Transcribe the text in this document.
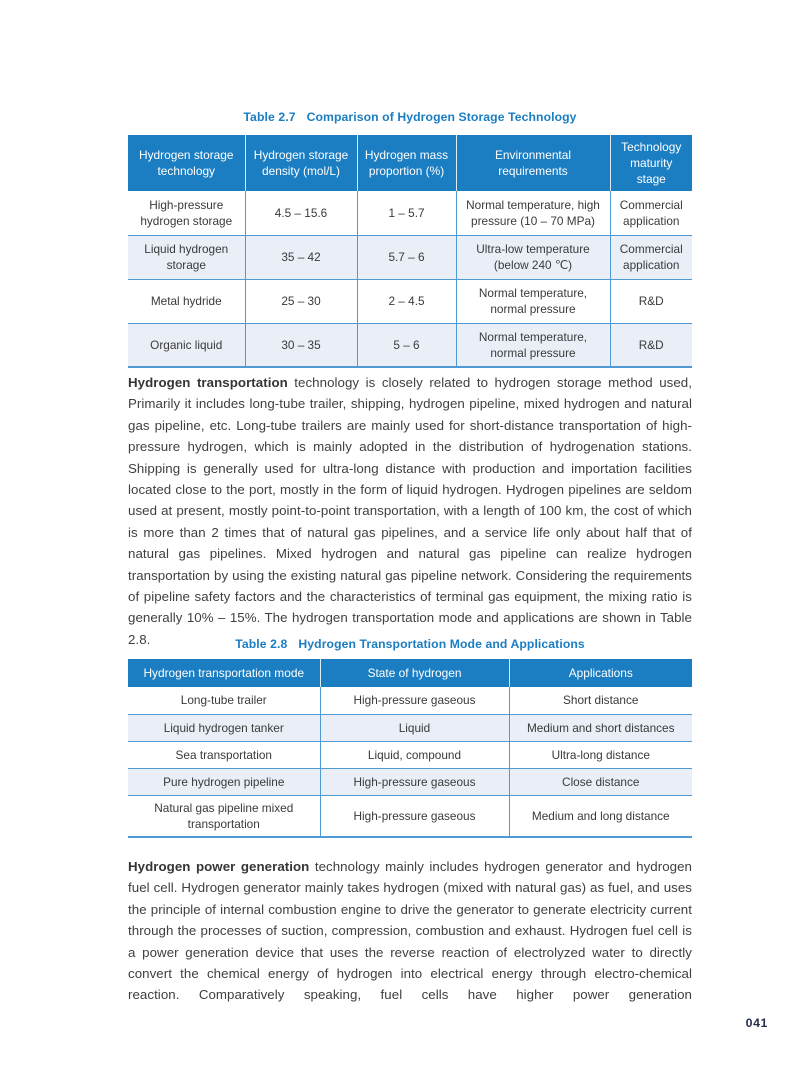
Table 2.7 Comparison of Hydrogen Storage Technology
Hydrogen storage technology	Hydrogen storage density (mol/L)	Hydrogen mass proportion (%)	Environmental requirements	Technology maturity stage
High-pressure hydrogen storage	4.5 – 15.6	1 – 5.7	Normal temperature, high pressure (10 – 70 MPa)	Commercial application
Liquid hydrogen storage	35 – 42	5.7 – 6	Ultra-low temperature (below 240 ℃)	Commercial application
Metal hydride	25 – 30	2 – 4.5	Normal temperature, normal pressure	R&D
Organic liquid	30 – 35	5 – 6	Normal temperature, normal pressure	R&D

Hydrogen transportation technology is closely related to hydrogen storage method used, Primarily it includes long-tube trailer, shipping, hydrogen pipeline, mixed hydrogen and natural gas pipeline, etc. Long-tube trailers are mainly used for short-distance transportation of high-pressure hydrogen, which is mainly adopted in the distribution of hydrogenation stations. Shipping is generally used for ultra-long distance with production and importation facilities located close to the port, mostly in the form of liquid hydrogen. Hydrogen pipelines are seldom used at present, mostly point-to-point transportation, with a length of 100 km, the cost of which is more than 2 times that of natural gas pipelines, and a service life only about half that of natural gas pipelines. Mixed hydrogen and natural gas pipeline can realize hydrogen transportation by using the existing natural gas pipeline network. Considering the requirements of pipeline safety factors and the characteristics of terminal gas equipment, the mixing ratio is generally 10% – 15%. The hydrogen transportation mode and applications are shown in Table 2.8.	Table 2.8 Hydrogen Transportation Mode and Applications
Hydrogen transportation mode	State of hydrogen	Applications
Long-tube trailer	High-pressure gaseous	Short distance
Liquid hydrogen tanker	Liquid	Medium and short distances
Sea transportation	Liquid, compound	Ultra-long distance
Pure hydrogen pipeline	High-pressure gaseous	Close distance
Natural gas pipeline mixed transportation	High-pressure gaseous	Medium and long distance

Hydrogen power generation technology mainly includes hydrogen generator and hydrogen fuel cell. Hydrogen generator mainly takes hydrogen (mixed with natural gas) as fuel, and uses the principle of internal combustion engine to drive the generator to generate electricity current through the processes of suction, compression, combustion and exhaust. Hydrogen fuel cell is a power generation device that uses the reverse reaction of electrolyzed water to directly convert the chemical energy of hydrogen into electrical energy through electro-chemical reaction. Comparatively speaking, fuel cells have higher power generation

041
